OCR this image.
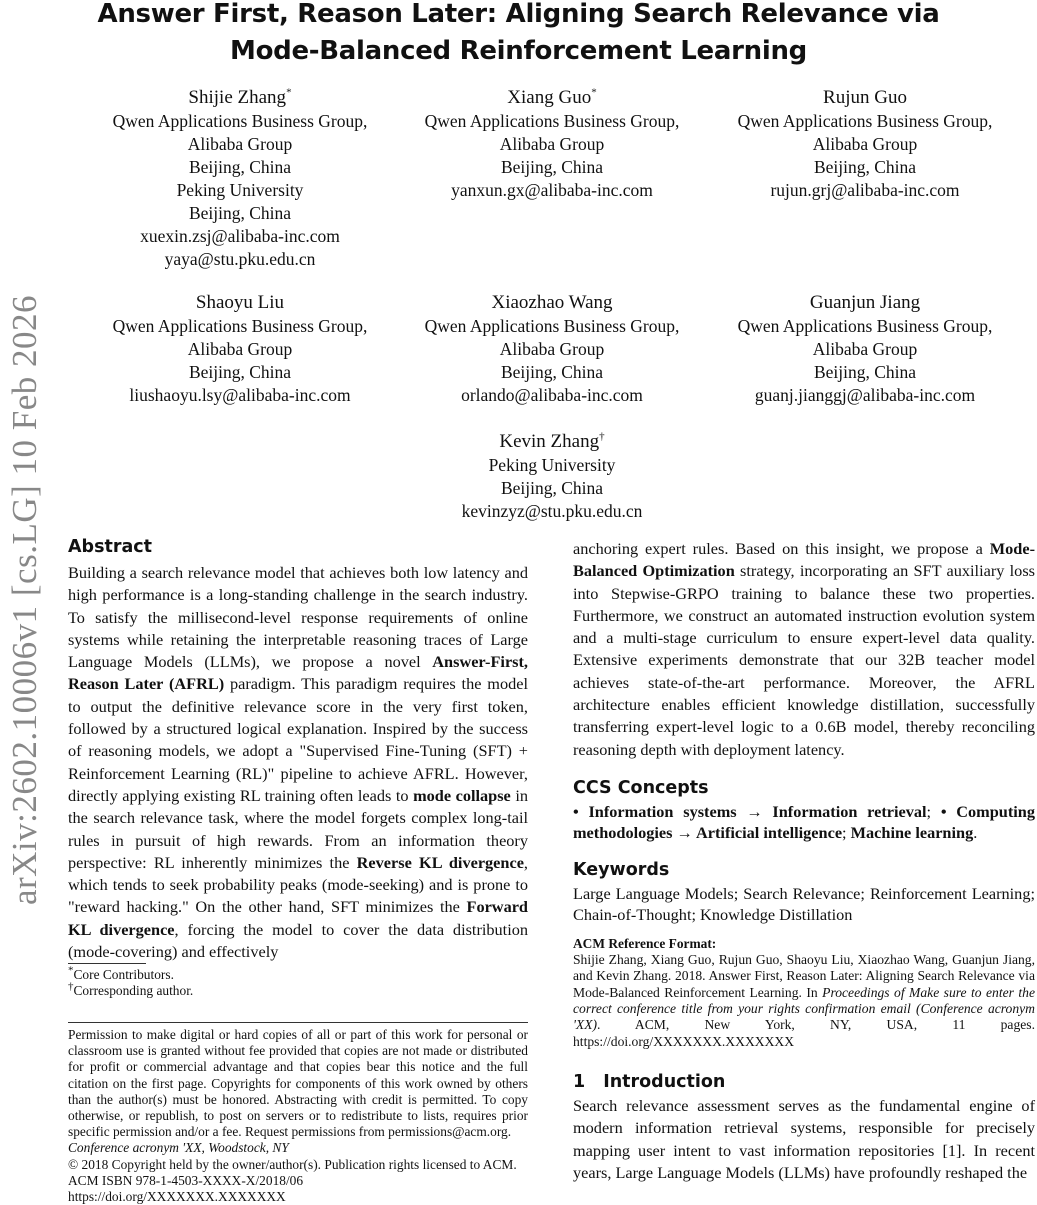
Answer First, Reason Later: Aligning Search Relevance via
Mode-Balanced Reinforcement Learning
Shijie Zhang*
Qwen Applications Business Group,
Alibaba Group
Beijing, China
Peking University
Beijing, China
xuexin.zsj@alibaba-inc.com
yaya@stu.pku.edu.cn
Xiang Guo*
Qwen Applications Business Group,
Alibaba Group
Beijing, China
yanxun.gx@alibaba-inc.com
Rujun Guo
Qwen Applications Business Group,
Alibaba Group
Beijing, China
rujun.grj@alibaba-inc.com
Shaoyu Liu
Qwen Applications Business Group,
Alibaba Group
Beijing, China
liushaoyu.lsy@alibaba-inc.com
Xiaozhao Wang
Qwen Applications Business Group,
Alibaba Group
Beijing, China
orlando@alibaba-inc.com
Guanjun Jiang
Qwen Applications Business Group,
Alibaba Group
Beijing, China
guanj.jianggj@alibaba-inc.com
Kevin Zhang†
Peking University
Beijing, China
kevinzyz@stu.pku.edu.cn
arXiv:2602.10006v1 [cs.LG] 10 Feb 2026 Abstract
Building a search relevance model that achieves both low latency and high performance is a long-standing challenge in the search industry. To satisfy the millisecond-level response requirements of online systems while retaining the interpretable reasoning traces of Large Language Models (LLMs), we propose a novel Answer-First, Reason Later (AFRL) paradigm. This paradigm requires the model to output the definitive relevance score in the very first token, followed by a structured logical explanation. Inspired by the success of reasoning models, we adopt a "Supervised Fine-Tuning (SFT) + Reinforcement Learning (RL)" pipeline to achieve AFRL. However, directly applying existing RL training often leads to mode collapse in the search relevance task, where the model forgets complex long-tail rules in pursuit of high rewards. From an information theory perspective: RL inherently minimizes the Reverse KL divergence, which tends to seek probability peaks (mode-seeking) and is prone to "reward hacking." On the other hand, SFT minimizes the Forward KL divergence, forcing the model to cover the data distribution (mode-covering) and effectively
*Core Contributors.
†Corresponding author.
Permission to make digital or hard copies of all or part of this work for personal or classroom use is granted without fee provided that copies are not made or distributed for profit or commercial advantage and that copies bear this notice and the full citation on the first page. Copyrights for components of this work owned by others than the author(s) must be honored. Abstracting with credit is permitted. To copy otherwise, or republish, to post on servers or to redistribute to lists, requires prior specific permission and/or a fee. Request permissions from permissions@acm.org.
Conference acronym 'XX, Woodstock, NY
© 2018 Copyright held by the owner/author(s). Publication rights licensed to ACM.
ACM ISBN 978-1-4503-XXXX-X/2018/06
https://doi.org/XXXXXXX.XXXXXXX
anchoring expert rules. Based on this insight, we propose a Mode-Balanced Optimization strategy, incorporating an SFT auxiliary loss into Stepwise-GRPO training to balance these two properties. Furthermore, we construct an automated instruction evolution system and a multi-stage curriculum to ensure expert-level data quality. Extensive experiments demonstrate that our 32B teacher model achieves state-of-the-art performance. Moreover, the AFRL architecture enables efficient knowledge distillation, successfully transferring expert-level logic to a 0.6B model, thereby reconciling reasoning depth with deployment latency.
CCS Concepts
• Information systems → Information retrieval; • Computing methodologies → Artificial intelligence; Machine learning.
Keywords
Large Language Models; Search Relevance; Reinforcement Learning; Chain-of-Thought; Knowledge Distillation
ACM Reference Format:
Shijie Zhang, Xiang Guo, Rujun Guo, Shaoyu Liu, Xiaozhao Wang, Guanjun Jiang, and Kevin Zhang. 2018. Answer First, Reason Later: Aligning Search Relevance via Mode-Balanced Reinforcement Learning. In Proceedings of Make sure to enter the correct conference title from your rights confirmation email (Conference acronym 'XX). ACM, New York, NY, USA, 11 pages. https://doi.org/XXXXXXX.XXXXXXX
1 Introduction
Search relevance assessment serves as the fundamental engine of modern information retrieval systems, responsible for precisely mapping user intent to vast information repositories [1]. In recent years, Large Language Models (LLMs) have profoundly reshaped the
